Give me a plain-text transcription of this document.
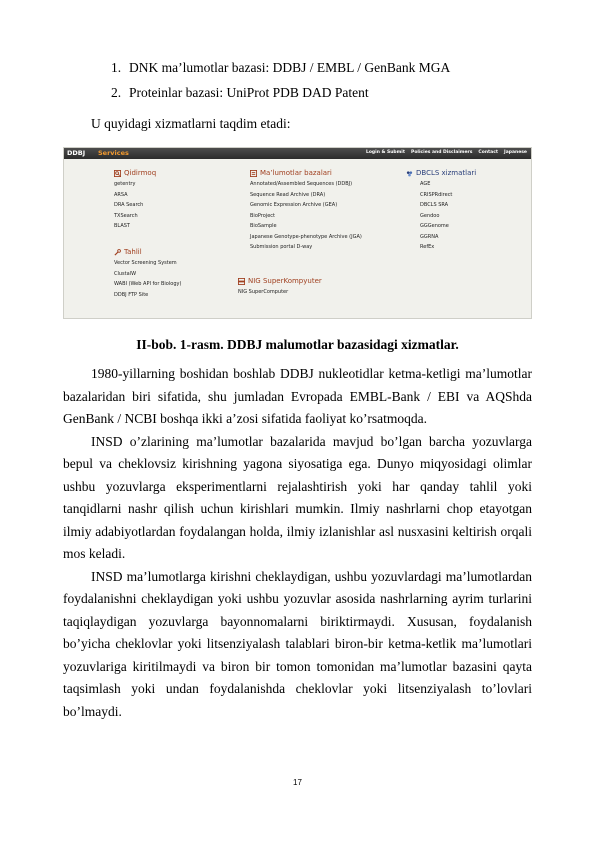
1. DNK ma’lumotlar bazasi: DDBJ / EMBL / GenBank MGA
2. Proteinlar bazasi: UniProt PDB DAD Patent
U quyidagi xizmatlarni taqdim etadi:
DDBJ Services	Login & Submit Policies and Disclaimers Contact Japanese
Qidirmoq
getentry
ARSA
DRA Search
TXSearch
BLAST
Tahlil
Vector Screening System
ClustalW
WABI (Web API for Biology)
DDBJ FTP Site
Ma’lumotlar bazalari
Annotated/Assembled Sequences (DDBJ)
Sequence Read Archive (DRA)
Genomic Expression Archive (GEA)
BioProject
BioSample
Japanese Genotype-phenotype Archive (JGA)
Submission portal D-way
NIG SuperKompyuter
NIG SuperComputer
DBCLS xizmatlari
AGE
CRISPRdirect
DBCLS SRA
Gendoo
GGGenome
GGRNA
RefEx
II-bob. 1-rasm. DDBJ malumotlar bazasidagi xizmatlar.

1980-yillarning boshidan boshlab DDBJ nukleotidlar ketma-ketligi ma’lumotlar bazalaridan biri sifatida, shu jumladan Evropada EMBL-Bank / EBI va AQShda GenBank / NCBI boshqa ikki a’zosi sifatida faoliyat ko’rsatmoqda.

INSD o’zlarining ma’lumotlar bazalarida mavjud bo’lgan barcha yozuvlarga bepul va cheklovsiz kirishning yagona siyosatiga ega. Dunyo miqyosidagi olimlar ushbu yozuvlarga eksperimentlarni rejalashtirish yoki har qanday tahlil yoki tanqidlarni nashr qilish uchun kirishlari mumkin. Ilmiy nashrlarni chop etayotgan ilmiy adabiyotlardan foydalangan holda, ilmiy izlanishlar asl nusxasini keltirish orqali mos keladi.

INSD ma’lumotlarga kirishni cheklaydigan, ushbu yozuvlardagi ma’lumotlardan foydalanishni cheklaydigan yoki ushbu yozuvlar asosida nashrlarning ayrim turlarini taqiqlaydigan yozuvlarga bayonnomalarni biriktirmaydi. Xususan, foydalanish bo’yicha cheklovlar yoki litsenziyalash talablari biron-bir ketma-ketlik ma’lumotlari yozuvlariga kiritilmaydi va biron bir tomon tomonidan ma’lumotlar bazasini qayta taqsimlash yoki undan foydalanishda cheklovlar yoki litsenziyalash to’lovlari bo’lmaydi.

17
